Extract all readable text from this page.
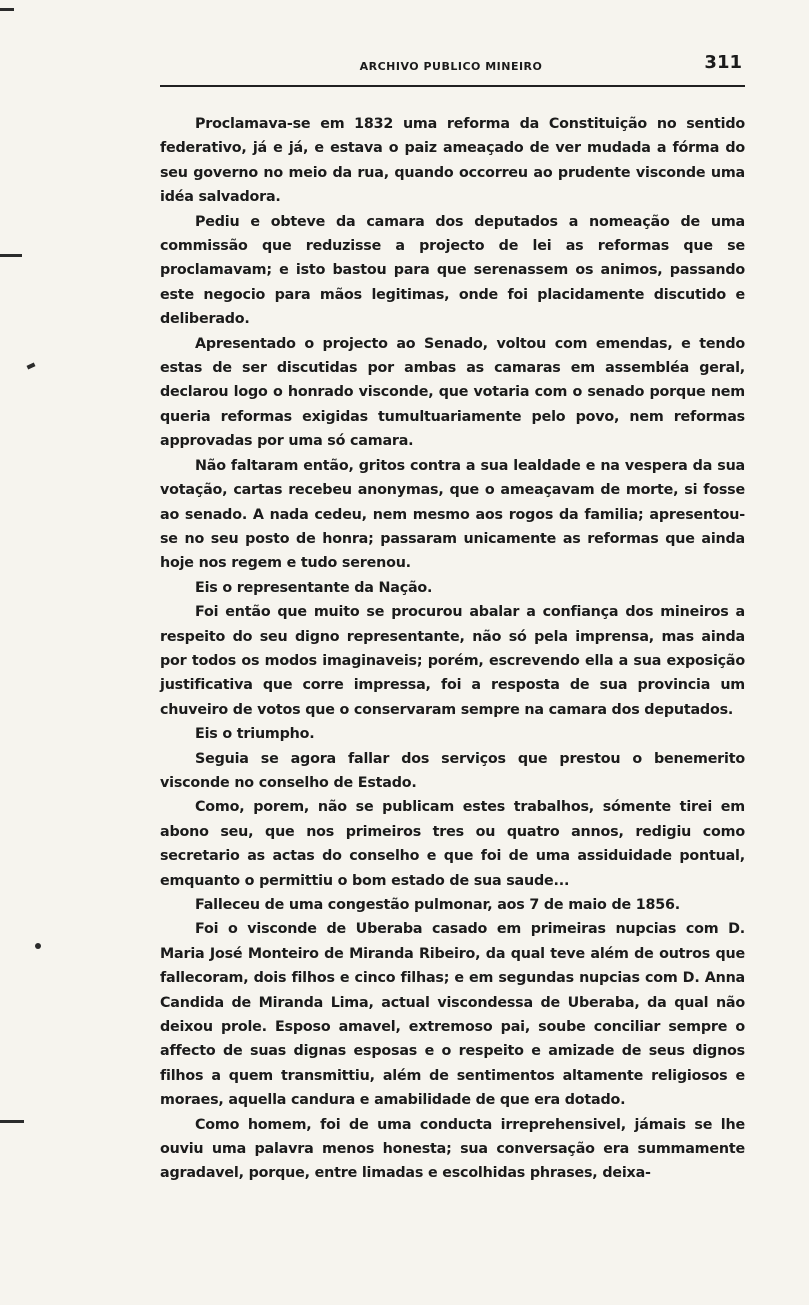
ARCHIVO PUBLICO MINEIRO	311

Proclamava-se em 1832 uma reforma da Constituição no sentido federativo, já e já, e estava o paiz ameaçado de ver mudada a fórma do seu governo no meio da rua, quando occorreu ao prudente visconde uma idéa salvadora.

Pediu e obteve da camara dos deputados a nomeação de uma commissão que reduzisse a projecto de lei as reformas que se proclamavam; e isto bastou para que serenassem os animos, passando este negocio para mãos legitimas, onde foi placidamente discutido e deliberado.

Apresentado o projecto ao Senado, voltou com emendas, e tendo estas de ser discutidas por ambas as camaras em assembléa geral, declarou logo o honrado visconde, que votaria com o senado porque nem queria reformas exigidas tumultuariamente pelo povo, nem reformas approvadas por uma só camara.

Não faltaram então, gritos contra a sua lealdade e na vespera da sua votação, cartas recebeu anonymas, que o ameaçavam de morte, si fosse ao senado. A nada cedeu, nem mesmo aos rogos da familia; apresentou-se no seu posto de honra; passaram unicamente as reformas que ainda hoje nos regem e tudo serenou.

Eis o representante da Nação.

Foi então que muito se procurou abalar a confiança dos mineiros a respeito do seu digno representante, não só pela imprensa, mas ainda por todos os modos imaginaveis; porém, escrevendo ella a sua exposição justificativa que corre impressa, foi a resposta de sua provincia um chuveiro de votos que o conservaram sempre na camara dos deputados.

Eis o triumpho.

Seguia se agora fallar dos serviços que prestou o benemerito visconde no conselho de Estado.

Como, porem, não se publicam estes trabalhos, sómente tirei em abono seu, que nos primeiros tres ou quatro annos, redigiu como secretario as actas do conselho e que foi de uma assiduidade pontual, emquanto o permittiu o bom estado de sua saude...

Falleceu de uma congestão pulmonar, aos 7 de maio de 1856.

Foi o visconde de Uberaba casado em primeiras nupcias com D. Maria José Monteiro de Miranda Ribeiro, da qual teve além de outros que fallecoram, dois filhos e cinco filhas; e em segundas nupcias com D. Anna Candida de Miranda Lima, actual viscondessa de Uberaba, da qual não deixou prole. Esposo amavel, extremoso pai, soube conciliar sempre o affecto de suas dignas esposas e o respeito e amizade de seus dignos filhos a quem transmittiu, além de sentimentos altamente religiosos e moraes, aquella candura e amabilidade de que era dotado.

Como homem, foi de uma conducta irreprehensivel, jámais se lhe ouviu uma palavra menos honesta; sua conversação era summamente agradavel, porque, entre limadas e escolhidas phrases, deixa-
